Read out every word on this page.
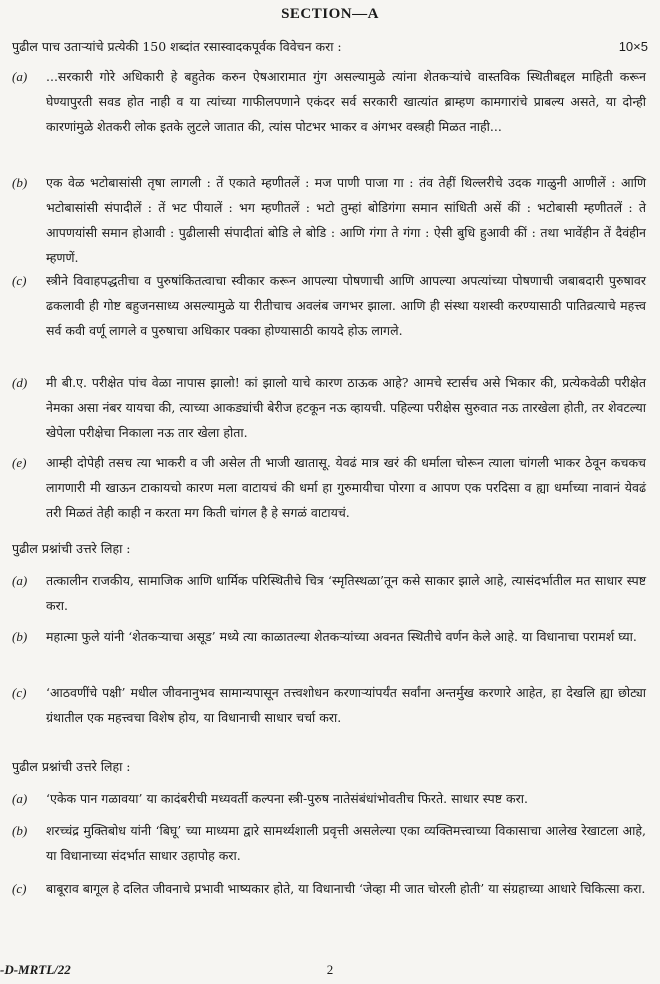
SECTION—A
पुढील पाच उताऱ्यांचे प्रत्येकी 150 शब्दांत रसास्वादकपूर्वक विवेचन करा :	10×5
(a)	...सरकारी गोरे अधिकारी हे बहुतेक करुन ऐषआरामात गुंग असल्यामुळे त्यांना शेतकऱ्यांचे वास्तविक स्थितीबद्दल माहिती करून घेण्यापुरती सवड होत नाही व या त्यांच्या गाफीलपणाने एकंदर सर्व सरकारी खात्यांत ब्राम्हण कामगारांचे प्राबल्य असते, या दोन्ही कारणांमुळे शेतकरी लोक इतके लुटले जातात की, त्यांस पोटभर भाकर व अंगभर वस्त्रही मिळत नाही...
(b)	एक वेळ भटोबासांसी तृषा लागली : तें एकाते म्हणीतलें : मज पाणी पाजा गा : तंव तेहीं थिल्लरीचे उदक गाळुनी आणीलें : आणि भटोबासांसी संपादीलें : तें भट पीयालें : भग म्हणीतलें : भटो तुम्हां बोडिगंगा समान सांधिती असें कीं : भटोबासी म्हणीतलें : ते आपणयांसी समान होआवी : पुढीलासी संपादीतां बोडि ले बोडि : आणि गंगा ते गंगा : ऐसी बुधि हुआवी कीं : तथा भावेंहीन तें दैवंहीन म्हणणें.
(c)	स्त्रीने विवाहपद्धतीचा व पुरुषांकितत्वाचा स्वीकार करून आपल्या पोषणाची आणि आपल्या अपत्यांच्या पोषणाची जबाबदारी पुरुषावर ढकलावी ही गोष्ट बहुजनसाध्य असल्यामुळे या रीतीचाच अवलंब जगभर झाला. आणि ही संस्था यशस्वी करण्यासाठी पातिव्रत्याचे महत्त्व सर्व कवी वर्णू लागले व पुरुषाचा अधिकार पक्का होण्यासाठी कायदे होऊ लागले.
(d)	मी बी.ए. परीक्षेत पांच वेळा नापास झालो! कां झालो याचे कारण ठाऊक आहे? आमचे स्टार्सच असे भिकार की, प्रत्येकवेळी परीक्षेत नेमका असा नंबर यायचा की, त्याच्या आकड्यांची बेरीज हटकून नऊ व्हायची. पहिल्या परीक्षेस सुरुवात नऊ तारखेला होती, तर शेवटल्या खेपेला परीक्षेचा निकाला नऊ तार खेला होता.
(e)	आम्ही दोपेही तसच त्या भाकरी व जी असेल ती भाजी खातासू. येवढं मात्र खरं की धर्माला चोरून त्याला चांगली भाकर ठेवून कचकच लागणारी मी खाऊन टाकायचो कारण मला वाटायचं की धर्मा हा गुरुमायीचा पोरगा व आपण एक परदिसा व ह्या धर्माच्या नावानं येवढं तरी मिळतं तेही काही न करता मग किती चांगल है हे सगळं वाटायचं.
पुढील प्रश्नांची उत्तरे लिहा :
(a)	तत्कालीन राजकीय, सामाजिक आणि धार्मिक परिस्थितीचे चित्र ‘स्मृतिस्थळा’तून कसे साकार झाले आहे, त्यासंदर्भातील मत साधार स्पष्ट करा.
(b)	महात्मा फुले यांनी ‘शेतकऱ्याचा असूड’ मध्ये त्या काळातल्या शेतकऱ्यांच्या अवनत स्थितीचे वर्णन केले आहे. या विधानाचा परामर्श घ्या.
(c)	‘आठवणींचे पक्षी’ मधील जीवनानुभव सामान्यपासून तत्त्वशोधन करणाऱ्यांपर्यंत सर्वांना अन्तर्मुख करणारे आहेत, हा देखलि ह्या छोट्या ग्रंथातील एक महत्त्वचा विशेष होय, या विधानाची साधार चर्चा करा.
पुढील प्रश्नांची उत्तरे लिहा :
(a)	‘एकेक पान गळावया’ या कादंबरीची मध्यवर्ती कल्पना स्त्री-पुरुष नातेसंबंधांभोवतीच फिरते. साधार स्पष्ट करा.
(b)	शरच्चंद्र मुक्तिबोध यांनी ‘बिघू’ च्या माध्यमा द्वारे सामर्थ्यशाली प्रवृत्ती असलेल्या एका व्यक्तिमत्त्वाच्या विकासाचा आलेख रेखाटला आहे, या विधानाच्या संदर्भात साधार उहापोह करा.
(c)	बाबूराव बागूल हे दलित जीवनाचे प्रभावी भाष्यकार होते, या विधानाची ‘जेव्हा मी जात चोरली होती’ या संग्रहाच्या आधारे चिकित्सा करा.
-D-MRTL/22	2
